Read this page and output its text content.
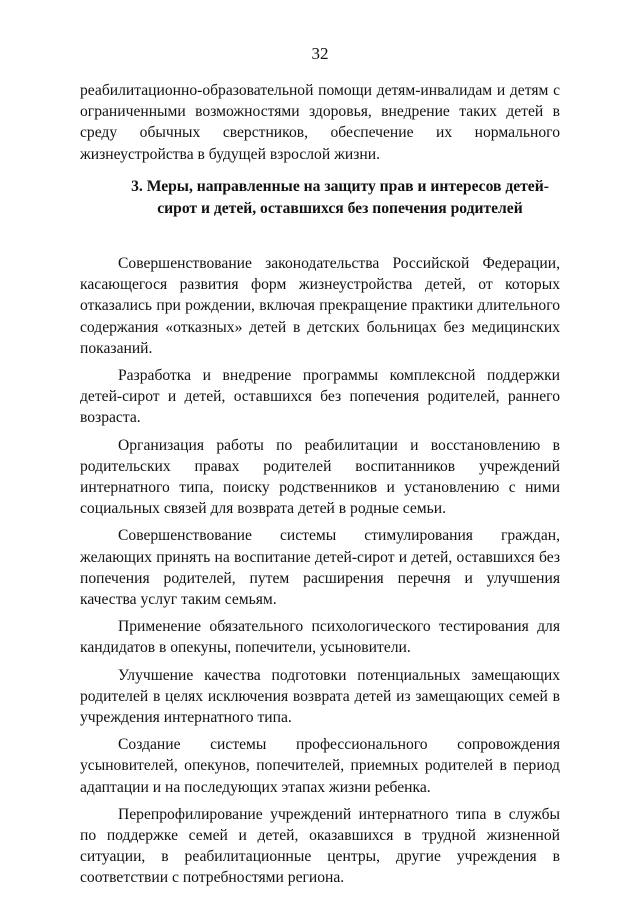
32
реабилитационно-образовательной помощи детям-инвалидам и детям с ограниченными возможностями здоровья, внедрение таких детей в среду обычных сверстников, обеспечение их нормального жизнеустройства в будущей взрослой жизни.
3. Меры, направленные на защиту прав и интересов детей-сирот и детей, оставшихся без попечения родителей

Совершенствование законодательства Российской Федерации, касающегося развития форм жизнеустройства детей, от которых отказались при рождении, включая прекращение практики длительного содержания «отказных» детей в детских больницах без медицинских показаний.

Разработка и внедрение программы комплексной поддержки детей-сирот и детей, оставшихся без попечения родителей, раннего возраста.

Организация работы по реабилитации и восстановлению в родительских правах родителей воспитанников учреждений интернатного типа, поиску родственников и установлению с ними социальных связей для возврата детей в родные семьи.

Совершенствование системы стимулирования граждан, желающих принять на воспитание детей-сирот и детей, оставшихся без попечения родителей, путем расширения перечня и улучшения качества услуг таким семьям.

Применение обязательного психологического тестирования для кандидатов в опекуны, попечители, усыновители.

Улучшение качества подготовки потенциальных замещающих родителей в целях исключения возврата детей из замещающих семей в учреждения интернатного типа.

Создание системы профессионального сопровождения усыновителей, опекунов, попечителей, приемных родителей в период адаптации и на последующих этапах жизни ребенка.

Перепрофилирование учреждений интернатного типа в службы по поддержке семей и детей, оказавшихся в трудной жизненной ситуации, в реабилитационные центры, другие учреждения в соответствии с потребностями региона.
